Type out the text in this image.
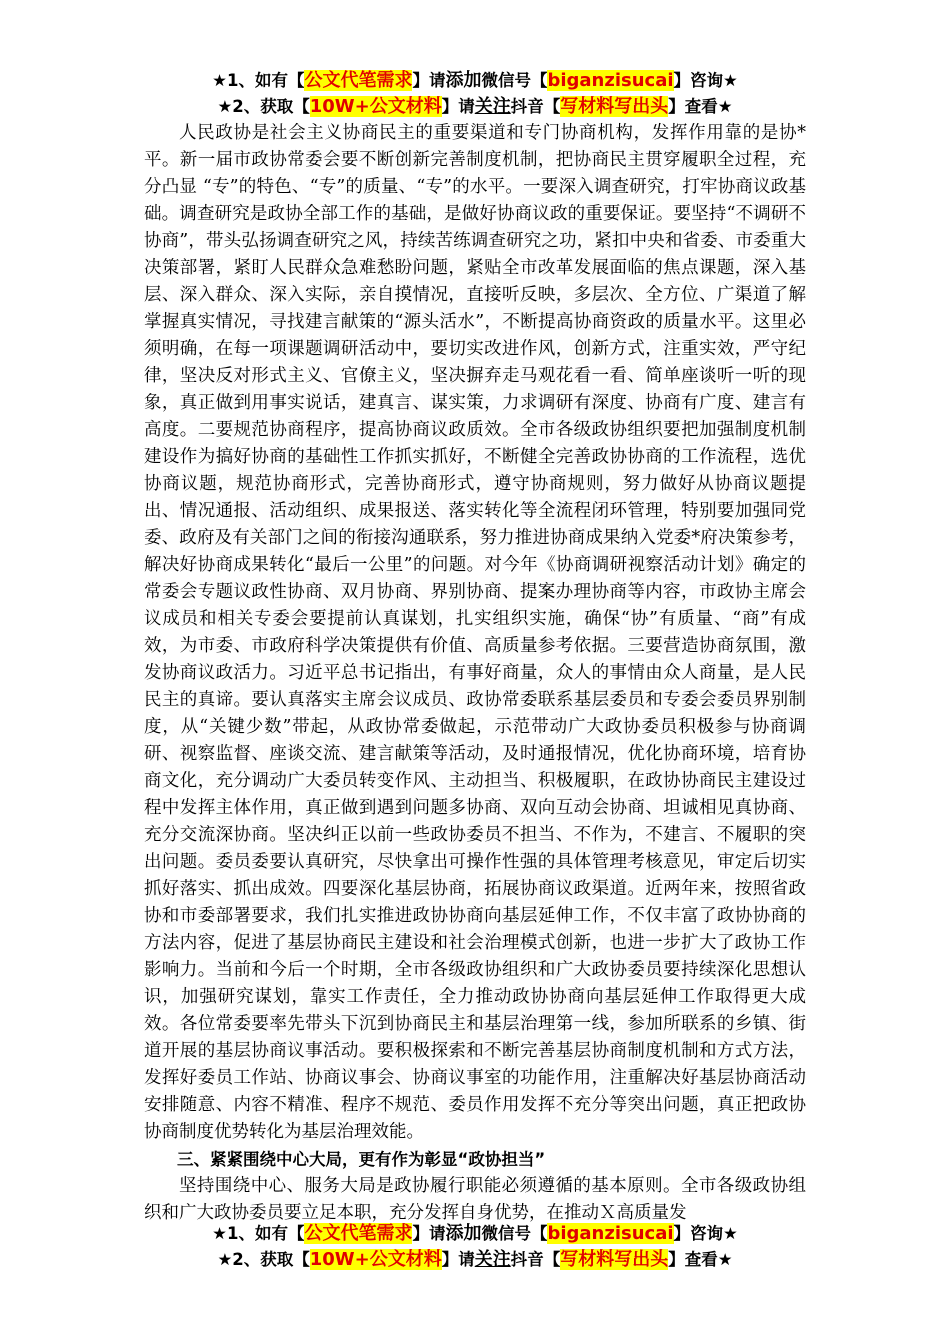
★1、如有【公文代笔需求】请添加微信号【biganzisucai】咨询★
★2、获取【10W+公文材料】请关注抖音【写材料写出头】查看★

人民政协是社会主义协商民主的重要渠道和专门协商机构，发挥作用靠的是协*平。新一届市政协常委会要不断创新完善制度机制，把协商民主贯穿履职全过程，充分凸显 “专”的特色、“专”的质量、“专”的水平。一要深入调查研究，打牢协商议政基础。调查研究是政协全部工作的基础，是做好协商议政的重要保证。要坚持“不调研不协商”，带头弘扬调查研究之风，持续苦练调查研究之功，紧扣中央和省委、市委重大决策部署，紧盯人民群众急难愁盼问题，紧贴全市改革发展面临的焦点课题，深入基层、深入群众、深入实际，亲自摸情况，直接听反映，多层次、全方位、广渠道了解掌握真实情况，寻找建言献策的“源头活水”，不断提高协商资政的质量水平。这里必须明确，在每一项课题调研活动中，要切实改进作风，创新方式，注重实效，严守纪律，坚决反对形式主义、官僚主义，坚决摒弃走马观花看一看、简单座谈听一听的现象，真正做到用事实说话，建真言、谋实策，力求调研有深度、协商有广度、建言有高度。二要规范协商程序，提高协商议政质效。全市各级政协组织要把加强制度机制建设作为搞好协商的基础性工作抓实抓好，不断健全完善政协协商的工作流程，选优协商议题，规范协商形式，完善协商形式，遵守协商规则，努力做好从协商议题提出、情况通报、活动组织、成果报送、落实转化等全流程闭环管理，特别要加强同党委、政府及有关部门之间的衔接沟通联系，努力推进协商成果纳入党委*府决策参考，解决好协商成果转化“最后一公里”的问题。对今年《协商调研视察活动计划》确定的常委会专题议政性协商、双月协商、界别协商、提案办理协商等内容，市政协主席会议成员和相关专委会要提前认真谋划，扎实组织实施，确保“协”有质量、“商”有成效，为市委、市政府科学决策提供有价值、高质量参考依据。三要营造协商氛围，激发协商议政活力。习近平总书记指出，有事好商量，众人的事情由众人商量，是人民民主的真谛。要认真落实主席会议成员、政协常委联系基层委员和专委会委员界别制度，从“关键少数”带起，从政协常委做起，示范带动广大政协委员积极参与协商调研、视察监督、座谈交流、建言献策等活动，及时通报情况，优化协商环境，培育协商文化，充分调动广大委员转变作风、主动担当、积极履职，在政协协商民主建设过程中发挥主体作用，真正做到遇到问题多协商、双向互动会协商、坦诚相见真协商、充分交流深协商。坚决纠正以前一些政协委员不担当、不作为，不建言、不履职的突出问题。委员委要认真研究，尽快拿出可操作性强的具体管理考核意见，审定后切实抓好落实、抓出成效。四要深化基层协商，拓展协商议政渠道。近两年来，按照省政协和市委部署要求，我们扎实推进政协协商向基层延伸工作，不仅丰富了政协协商的方法内容，促进了基层协商民主建设和社会治理模式创新，也进一步扩大了政协工作影响力。当前和今后一个时期，全市各级政协组织和广大政协委员要持续深化思想认识，加强研究谋划，靠实工作责任，全力推动政协协商向基层延伸工作取得更大成效。各位常委要率先带头下沉到协商民主和基层治理第一线，参加所联系的乡镇、街道开展的基层协商议事活动。要积极探索和不断完善基层协商制度机制和方式方法，发挥好委员工作站、协商议事会、协商议事室的功能作用，注重解决好基层协商活动安排随意、内容不精准、程序不规范、委员作用发挥不充分等突出问题，真正把政协协商制度优势转化为基层治理效能。

三、紧紧围绕中心大局，更有作为彰显“政协担当”

坚持围绕中心、服务大局是政协履行职能必须遵循的基本原则。全市各级政协组织和广大政协委员要立足本职，充分发挥自身优势，在推动Ｘ高质量发

★1、如有【公文代笔需求】请添加微信号【biganzisucai】咨询★
★2、获取【10W+公文材料】请关注抖音【写材料写出头】查看★
